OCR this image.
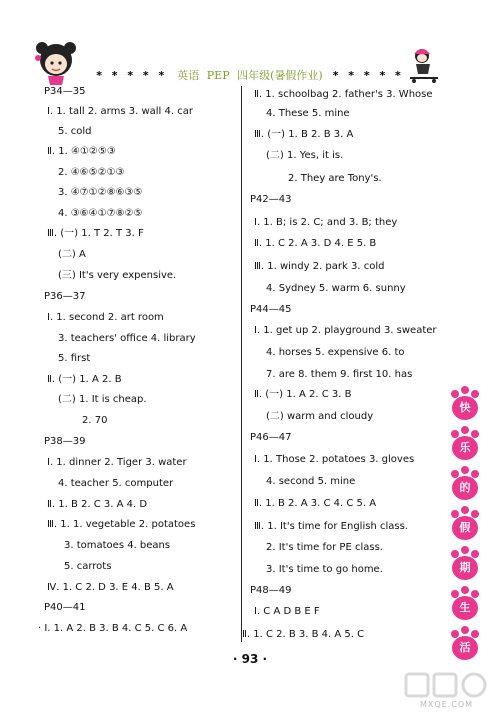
* * * * * 英语 PEP 四年级 (暑假作业) * * * * *
P34—35
Ⅰ. 1. tall 2. arms 3. wall 4. car
5. cold
Ⅱ. 1. ④①②⑤③
2. ④⑥⑤②①③
3. ④⑦①②⑧⑥③⑤
4. ③⑥④①⑦⑧②⑤
Ⅲ. (一) 1. T 2. T 3. F
(二) A
(三) It's very expensive.
P36—37
Ⅰ. 1. second 2. art room
3. teachers' office 4. library
5. first
Ⅱ. (一) 1. A 2. B
(二) 1. It is cheap.
2. 70
P38—39
Ⅰ. 1. dinner 2. Tiger 3. water
4. teacher 5. computer
Ⅱ. 1. B 2. C 3. A 4. D
Ⅲ. 1. 1. vegetable 2. potatoes
3. tomatoes 4. beans
5. carrots
Ⅳ. 1. C 2. D 3. E 4. B 5. A
P40—41
· Ⅰ. 1. A 2. B 3. B 4. C 5. C 6. A
Ⅱ. 1. schoolbag 2. father's 3. Whose
4. These 5. mine
Ⅲ. (一) 1. B 2. B 3. A
(二) 1. Yes, it is.
2. They are Tony's.
P42—43
Ⅰ. 1. B; is 2. C; and 3. B; they
Ⅱ. 1. C 2. A 3. D 4. E 5. B
Ⅲ. 1. windy 2. park 3. cold
4. Sydney 5. warm 6. sunny
P44—45
Ⅰ. 1. get up 2. playground 3. sweater
4. horses 5. expensive 6. to
7. are 8. them 9. first 10. has
Ⅱ. (一) 1. A 2. C 3. B
(二) warm and cloudy
P46—47
Ⅰ. 1. Those 2. potatoes 3. gloves
4. second 5. mine
Ⅱ. 1. B 2. A 3. C 4. C 5. A
Ⅲ. 1. It's time for English class.
2. It's time for PE class.
3. It's time to go home.
P48—49
Ⅰ. C A D B E F
Ⅱ. 1. C 2. B 3. B 4. A 5. C
快
乐
的
假
期
生
活
· 93 ·
MXQE.COM
